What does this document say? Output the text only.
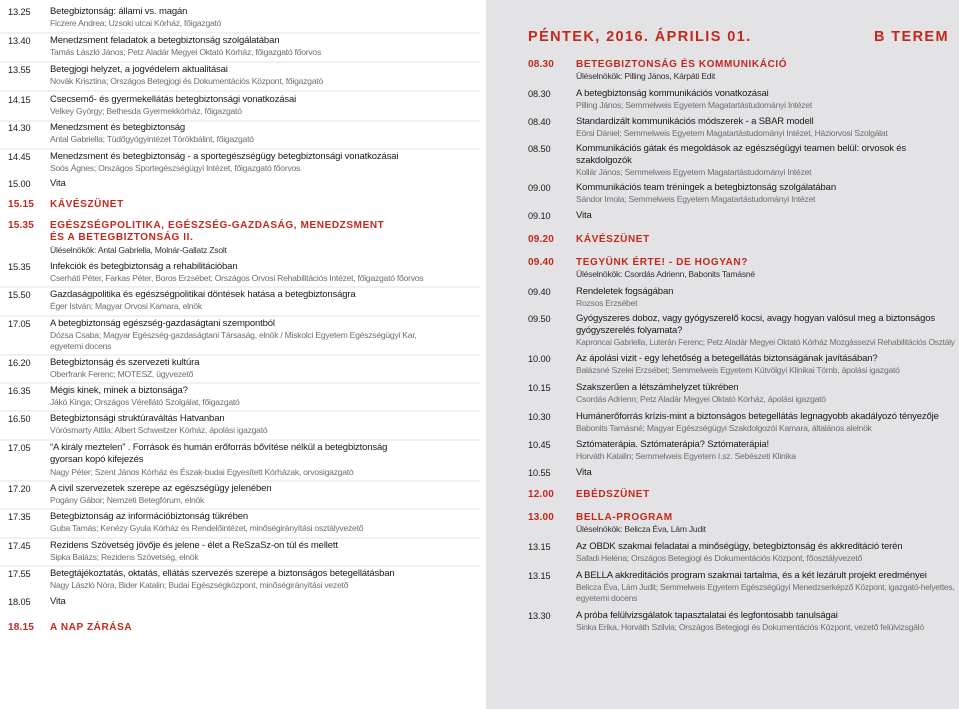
13.25 Betegbiztonság: állami vs. magán
Ficzere Andrea; Uzsoki utcai Kórház, főigazgató
13.40 Menedzsment feladatok a betegbiztonság szolgálatában
Tamás László János; Petz Aladár Megyei Oktató Kórház, főigazgató főorvos
13.55 Betegjogi helyzet, a jogvédelem aktualitásai
Novák Krisztina; Országos Betegjogi és Dokumentációs Központ, főigazgató
14.15 Csecsemő- és gyermekellátás betegbiztonsági vonatkozásai
Velkey György; Bethesda Gyermekkórház, főigazgató
14.30 Menedzsment és betegbiztonság
Antal Gabriella; Tüdőgyógyintézet Törökbálint, főigazgató
14.45 Menedzsment és betegbiztonság - a sportegészségügy betegbiztonsági vonatkozásai
Soós Ágnes; Országos Sportegészségügyi Intézet, főigazgató főorvos
15.00 Vita
15.15 KÁVÉSZÜNET
15.35 EGÉSZSÉGPOLITIKA, EGÉSZSÉG-GAZDASÁG, MENEDZSMENT
ÉS A BETEGBIZTONSÁG II.
Üléselnökök: Antal Gabriella, Molnár-Gallatz Zsolt
15.35 Infekciók és betegbiztonság a rehabilitációban
Cserháti Péter, Farkas Péter, Boros Erzsébet; Országos Orvosi Rehabilitációs Intézet, főigazgató főorvos
15.50 Gazdaságpolitika és egészségpolitikai döntések hatása a betegbiztonságra
Éger István; Magyar Orvosi Kamara, elnök
17.05 A betegbiztonság egészség-gazdaságtani szempontból
Dózsa Csaba; Magyar Egészség-gazdaságtani Társaság, elnök / Miskolci Egyetem Egészségügyi Kar,
egyetemi docens
16.20 Betegbiztonság és szervezeti kultúra
Oberfrank Ferenc; MOTESZ, ügyvezető
16.35 Mégis kinek, minek a biztonsága?
Jákó Kinga; Országos Vérellátó Szolgálat, főigazgató
16.50 Betegbiztonsági struktúraváltás Hatvanban
Vörösmarty Attila; Albert Schweitzer Kórház, ápolási igazgató
17.05 “A király meztelen” . Források és humán erőforrás bővítése nélkül a betegbiztonság
gyorsan kopó kifejezés
Nagy Péter; Szent János Kórház és Észak-budai Egyesített Kórházak, orvosigazgató
17.20 A civil szervezetek szerepe az egészségügy jelenében
Pogány Gábor; Nemzeti Betegfórum, elnök
17.35 Betegbiztonság az információbiztonság tükrében
Guba Tamás; Kenézy Gyula Kórház és Rendelőintézet, minőségirányítási osztályvezető
17.45 Rezidens Szövetség jövője és jelene - élet a ReSzaSz-on túl és mellett
Sipka Balázs; Rezidens Szövetség, elnök
17.55 Betegtájékoztatás, oktatás, ellátás szervezés szerepe a biztonságos betegellátásban
Nagy László Nóra, Bider Katalin; Budai Egészségközpont, minőségirányítási vezető
18.05 Vita
18.15 A NAP ZÁRÁSA
PÉNTEK, 2016. ÁPRILIS 01.	B TEREM
08.30 BETEGBIZTONSÁG ÉS KOMMUNIKÁCIÓ
Üléselnökök: Pilling János, Kárpáti Edit
08.30	A betegbiztonság kommunikációs vonatkozásai
Pilling János; Semmelweis Egyetem Magatartástudományi Intézet
08.40	Standardizált kommunikációs módszerek - a SBAR modell
Eörsi Dániel; Semmelweis Egyetem Magatartástudományi Intézet, Háziorvosi Szolgálat
08.50	Kommunikációs gátak és megoldások az egészségügyi teamen belül: orvosok és
szakdolgozók
Kollár János; Semmelweis Egyetem Magatartástudományi Intézet
09.00	Kommunikációs team tréningek a betegbiztonság szolgálatában
Sándor Imola; Semmelweis Egyetem Magatartástudományi Intézet
09.10	Vita
09.20 KÁVÉSZÜNET
09.40 TEGYÜNK ÉRTE! - DE HOGYAN?
Üléselnökök: Csordás Adrienn, Babonits Tamásné
09.40	Rendeletek fogságában
Rozsos Erzsébet
09.50	Gyógyszeres doboz, vagy gyógyszerelő kocsi, avagy hogyan valósul meg a biztonságos
gyógyszerelés folyamata?
Kaproncai Gabriella, Luterán Ferenc; Petz Aladár Megyei Oktató Kórház Mozgássezvi Rehabilitációs Osztály
10.00	Az ápolási vizit - egy lehetőség a betegellátás biztonságának javításában?
Balázsné Szelei Erzsébet; Semmelweis Egyetem Kútvölgyi Klinikai Tömb, ápolási igazgató
10.15	Szakszerűen a létszámhelyzet tükrében
Csordás Adrienn; Petz Aladár Megyei Oktató Kórház, ápolási igazgató
10.30	Humánerőforrás krízis-mint a biztonságos betegellátás legnagyobb akadályozó tényezője
Babonits Tamásné; Magyar Egészségügyi Szakdolgozói Kamara, általános alelnök
10.45	Sztómaterápia. Sztómaterápia? Sztómaterápia!
Horváth Katalin; Semmelweis Egyetem I.sz. Sebészeti Klinika
10.55	Vita
12.00 EBÉDSZÜNET
13.00 BELLA-PROGRAM
Üléselnökök: Belicza Éva, Lám Judit
13.15	Az OBDK szakmai feladatai a minőségügy, betegbiztonság és akkreditáció terén
Safadi Heléna; Országos Betegjogi és Dokumentációs Központ, főosztályvezető
13.15	A BELLA akkreditációs program szakmai tartalma, és a két lezárult projekt eredményei
Belicza Éva, Lám Judit; Semmelweis Egyetem Egészségügyi Menedzserképző Központ, igazgató-helyettes,
egyetemi docens
13.30	A próba felülvizsgálatok tapasztalatai és legfontosabb tanulságai
Sinka Erika, Horváth Szilvia; Országos Betegjogi és Dokumentációs Központ, vezető felülvizsgáló
